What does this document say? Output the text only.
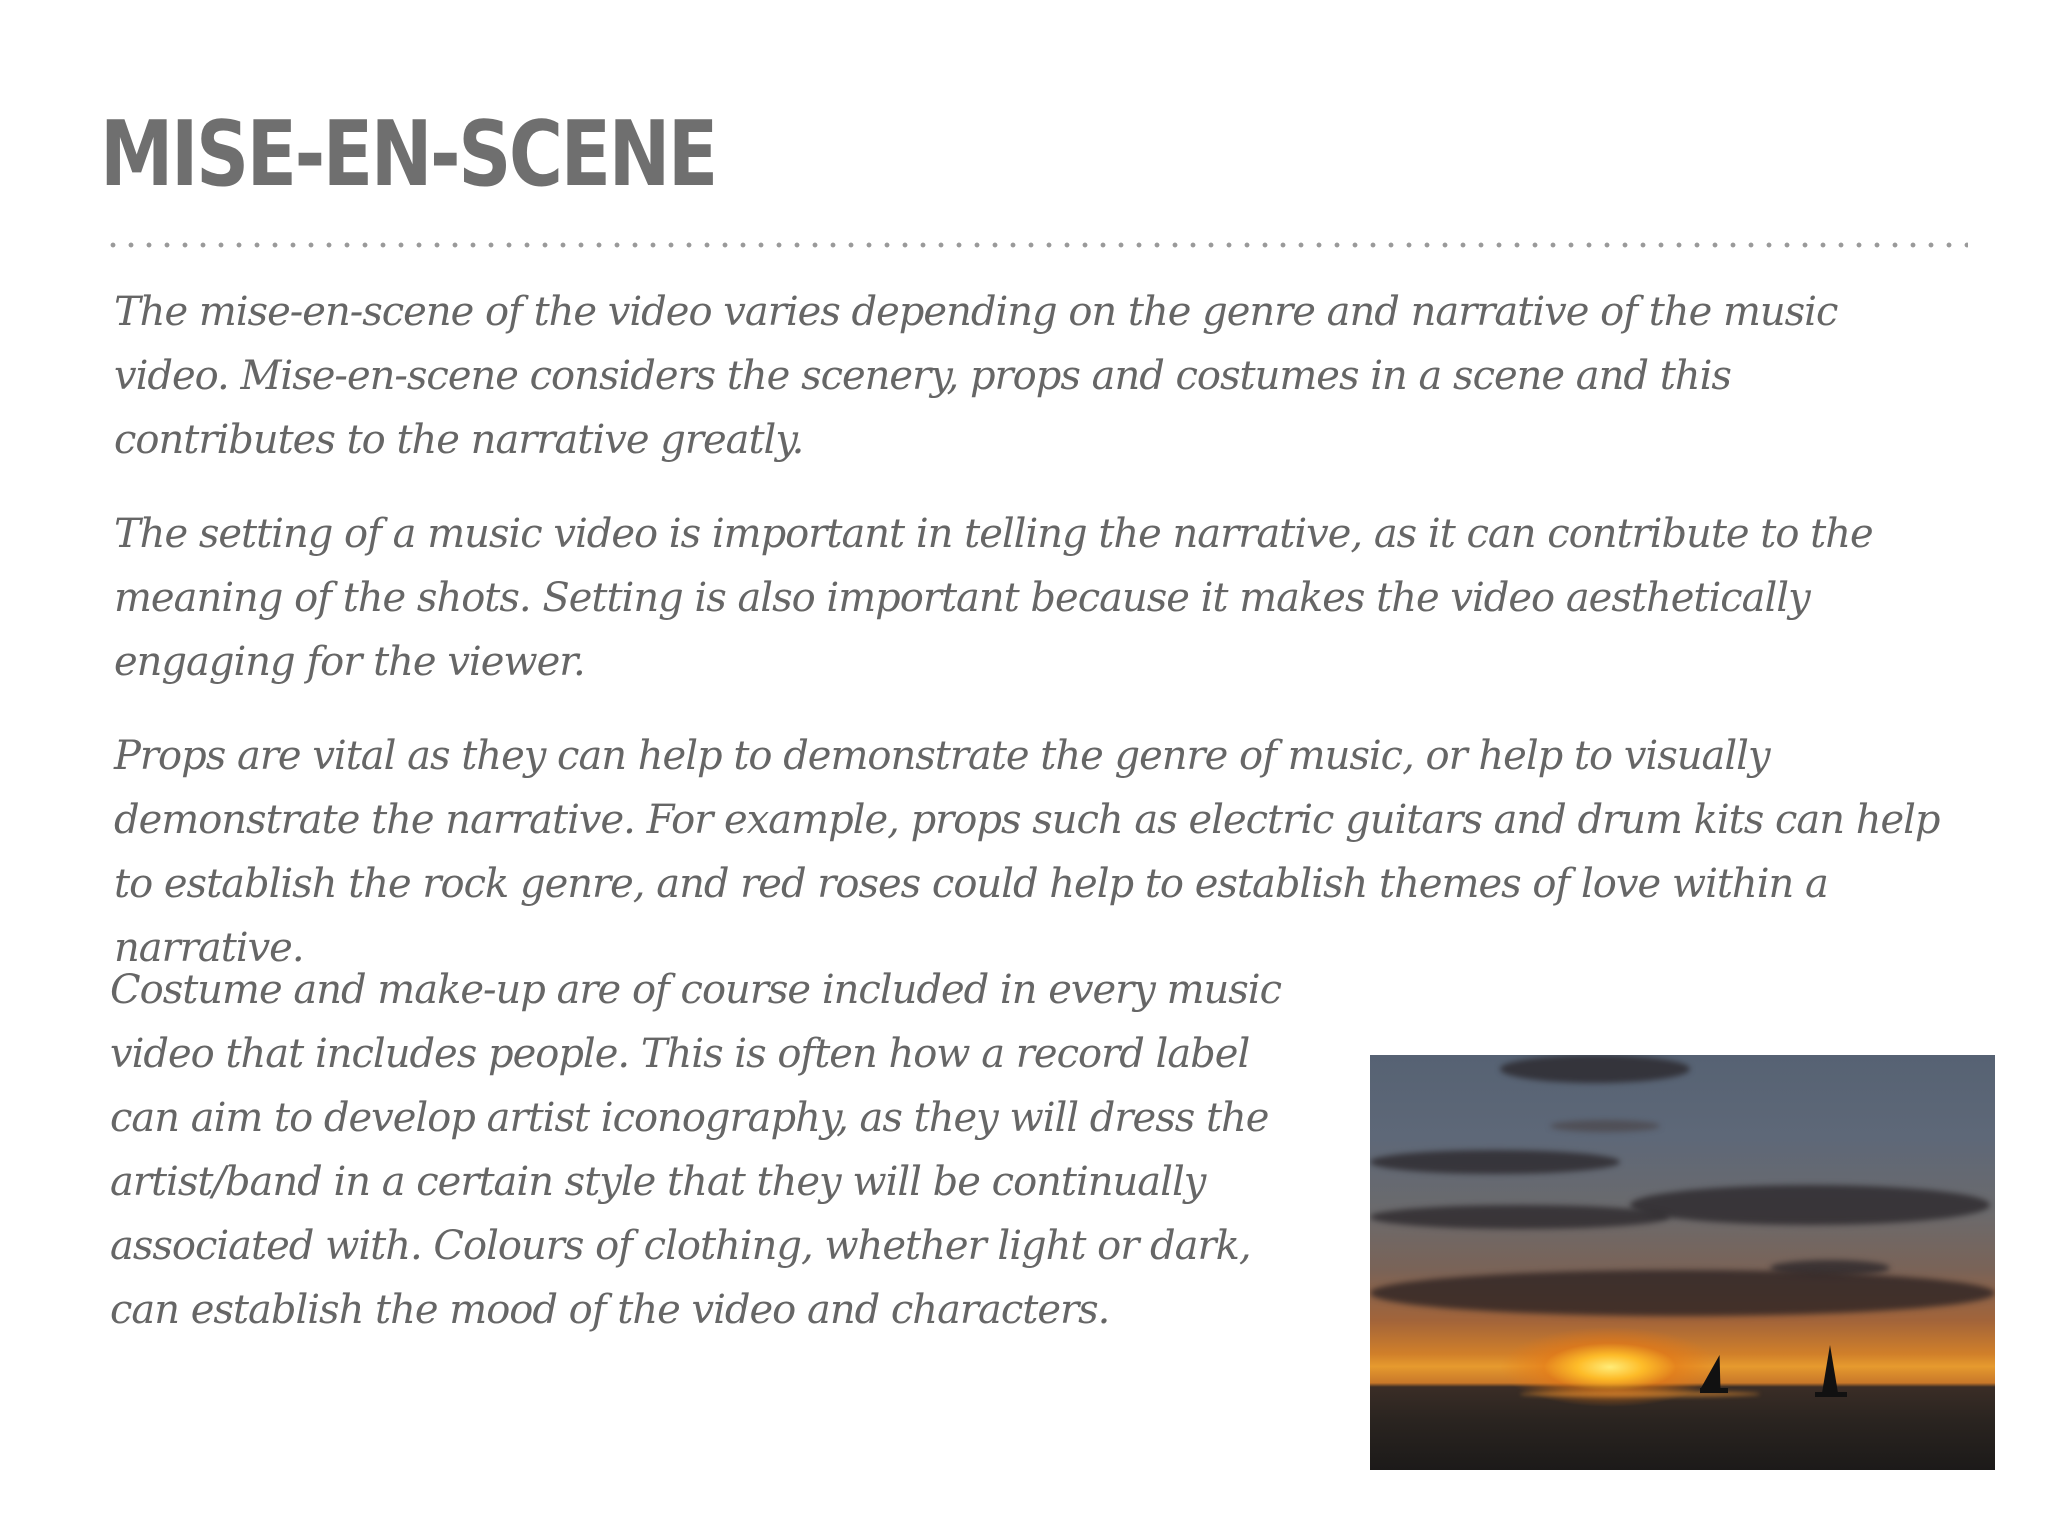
MISE-EN-SCENE

The mise-en-scene of the video varies depending on the genre and narrative of the music video. Mise-en-scene considers the scenery, props and costumes in a scene and this contributes to the narrative greatly.

The setting of a music video is important in telling the narrative, as it can contribute to the meaning of the shots. Setting is also important because it makes the video aesthetically engaging for the viewer.

Props are vital as they can help to demonstrate the genre of music, or help to visually demonstrate the narrative. For example, props such as electric guitars and drum kits can help to establish the rock genre, and red roses could help to establish themes of love within a narrative.

Costume and make-up are of course included in every music video that includes people. This is often how a record label can aim to develop artist iconography, as they will dress the artist/band in a certain style that they will be continually associated with. Colours of clothing, whether light or dark, can establish the mood of the video and characters.
